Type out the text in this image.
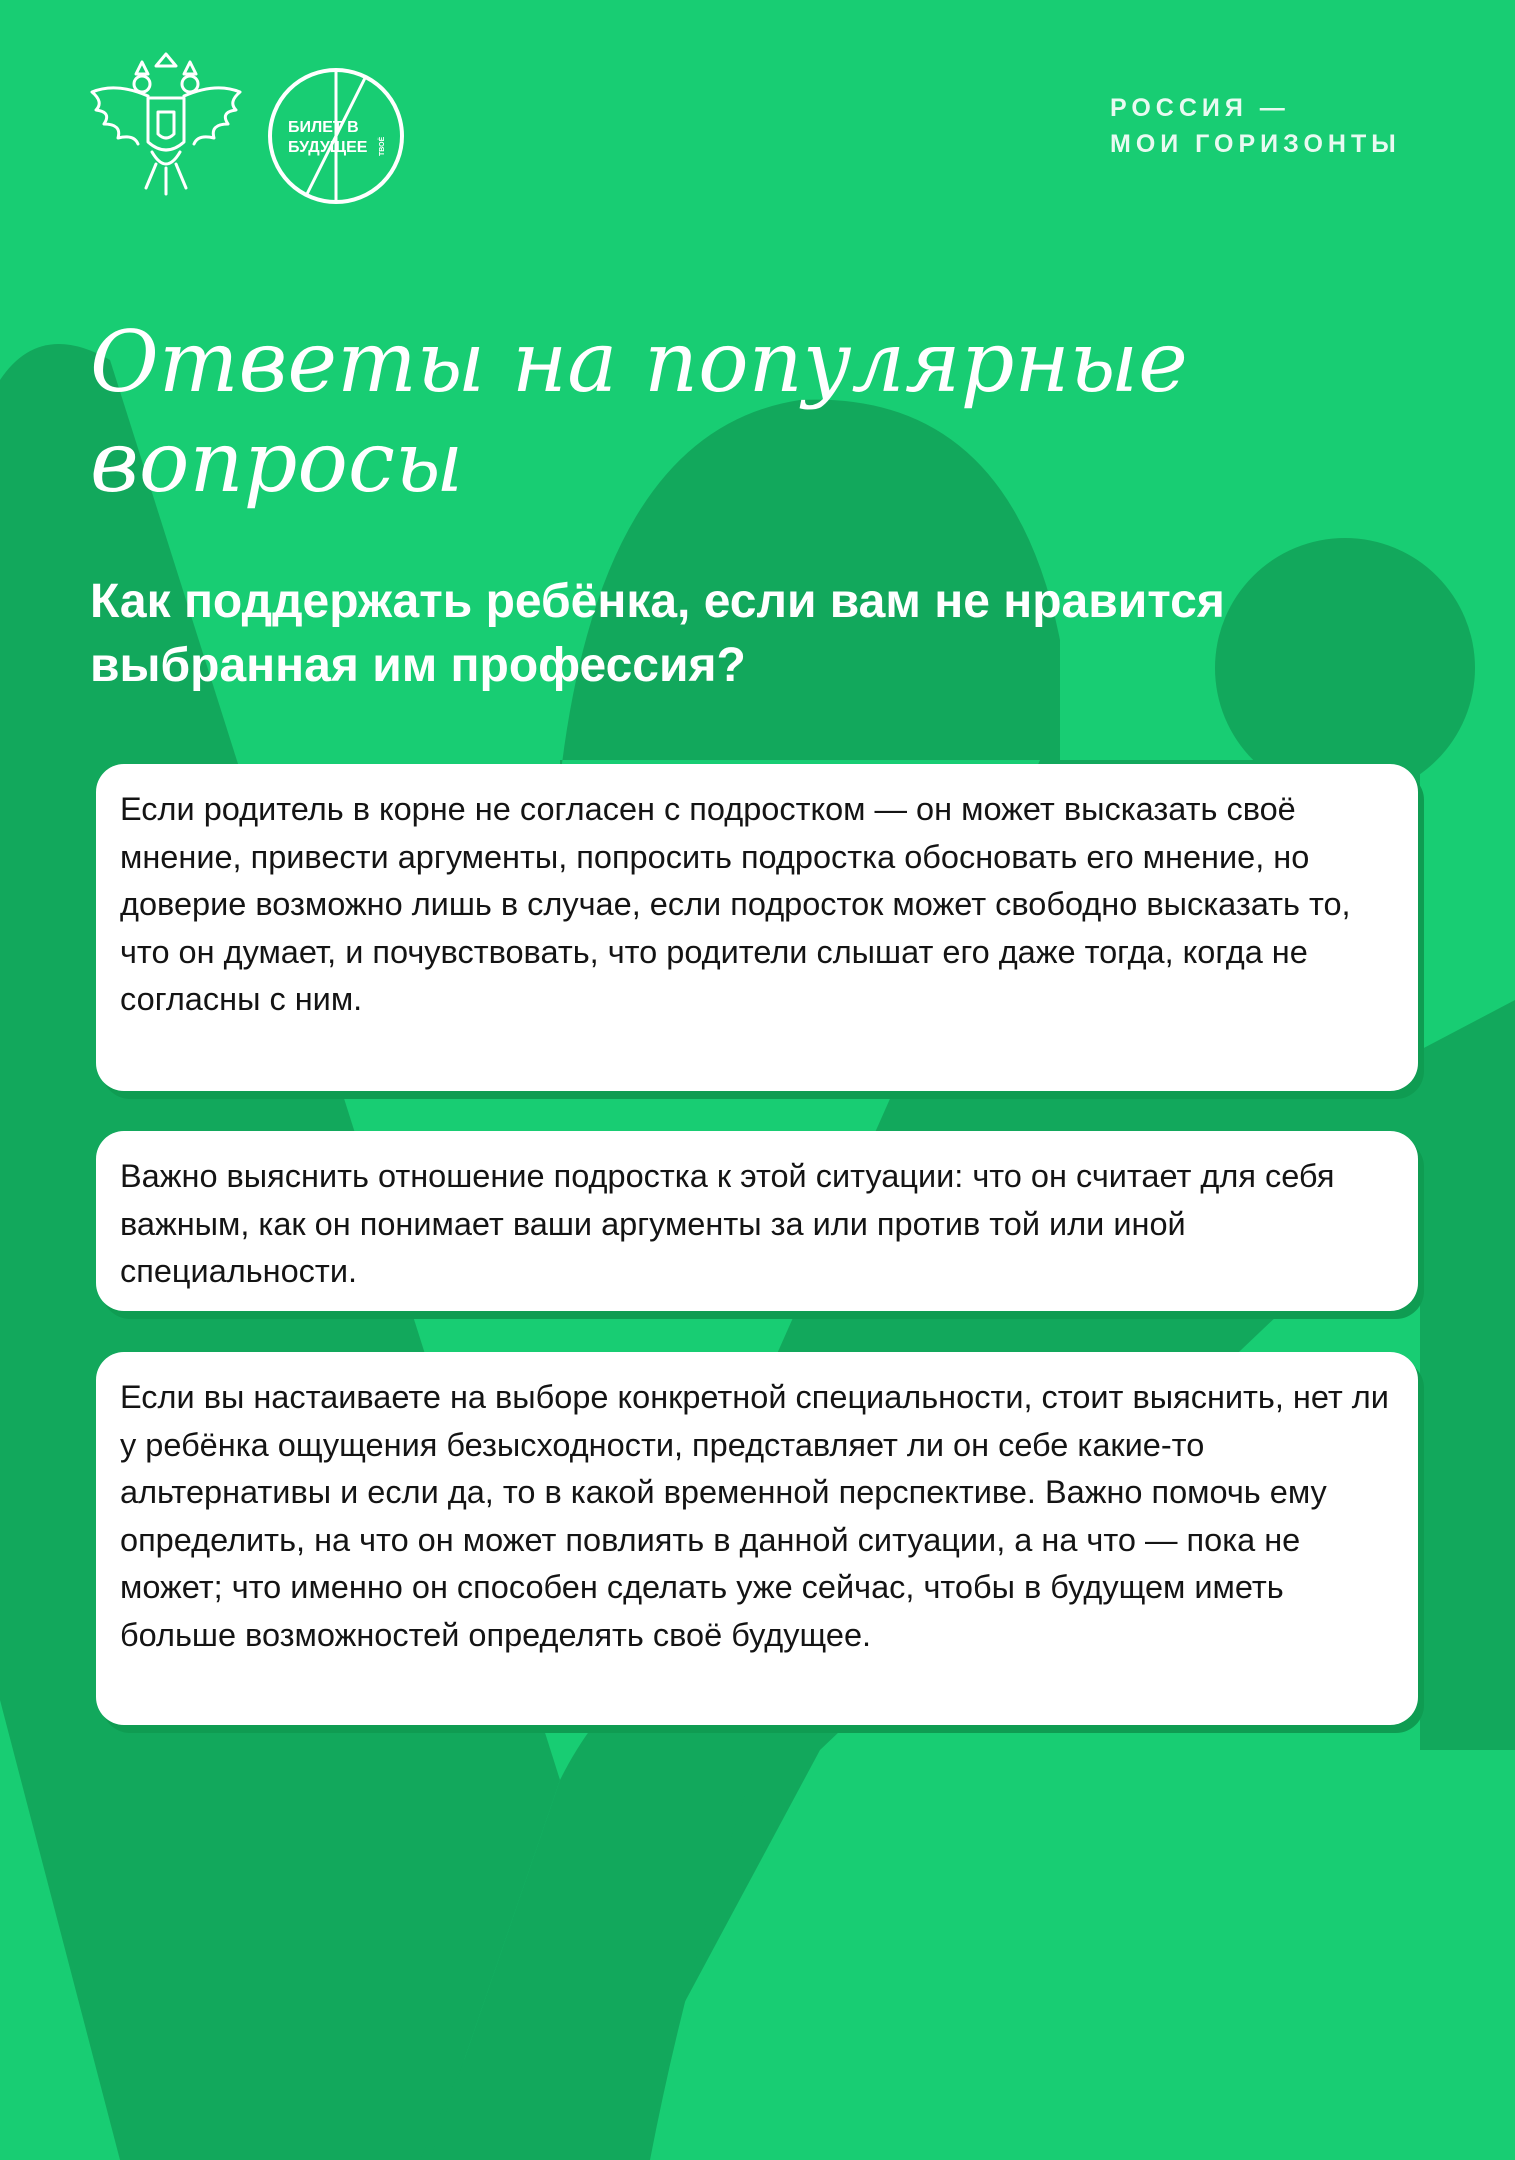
БИЛЕТ В
БУДУЩЕЕ ТВОЁ
РОССИЯ —
МОИ ГОРИЗОНТЫ
Ответы на популярные вопросы
Как поддержать ребёнка, если вам не нравится выбранная им профессия?

Если родитель в корне не согласен с подростком — он может высказать своё мнение, привести аргументы, попросить подростка обосновать его мнение, но доверие возможно лишь в случае, если подросток может свободно высказать то, что он думает, и почувствовать, что родители слышат его даже тогда, когда не согласны с ним.

Важно выяснить отношение подростка к этой ситуации: что он считает для себя важным, как он понимает ваши аргументы за или против той или иной специальности.

Если вы настаиваете на выборе конкретной специальности, стоит выяснить, нет ли у ребёнка ощущения безысходности, представляет ли он себе какие-то альтернативы и если да, то в какой временной перспективе. Важно помочь ему определить, на что он может повлиять в данной ситуации, а на что — пока не может; что именно он способен сделать уже сейчас, чтобы в будущем иметь больше возможностей определять своё будущее.
